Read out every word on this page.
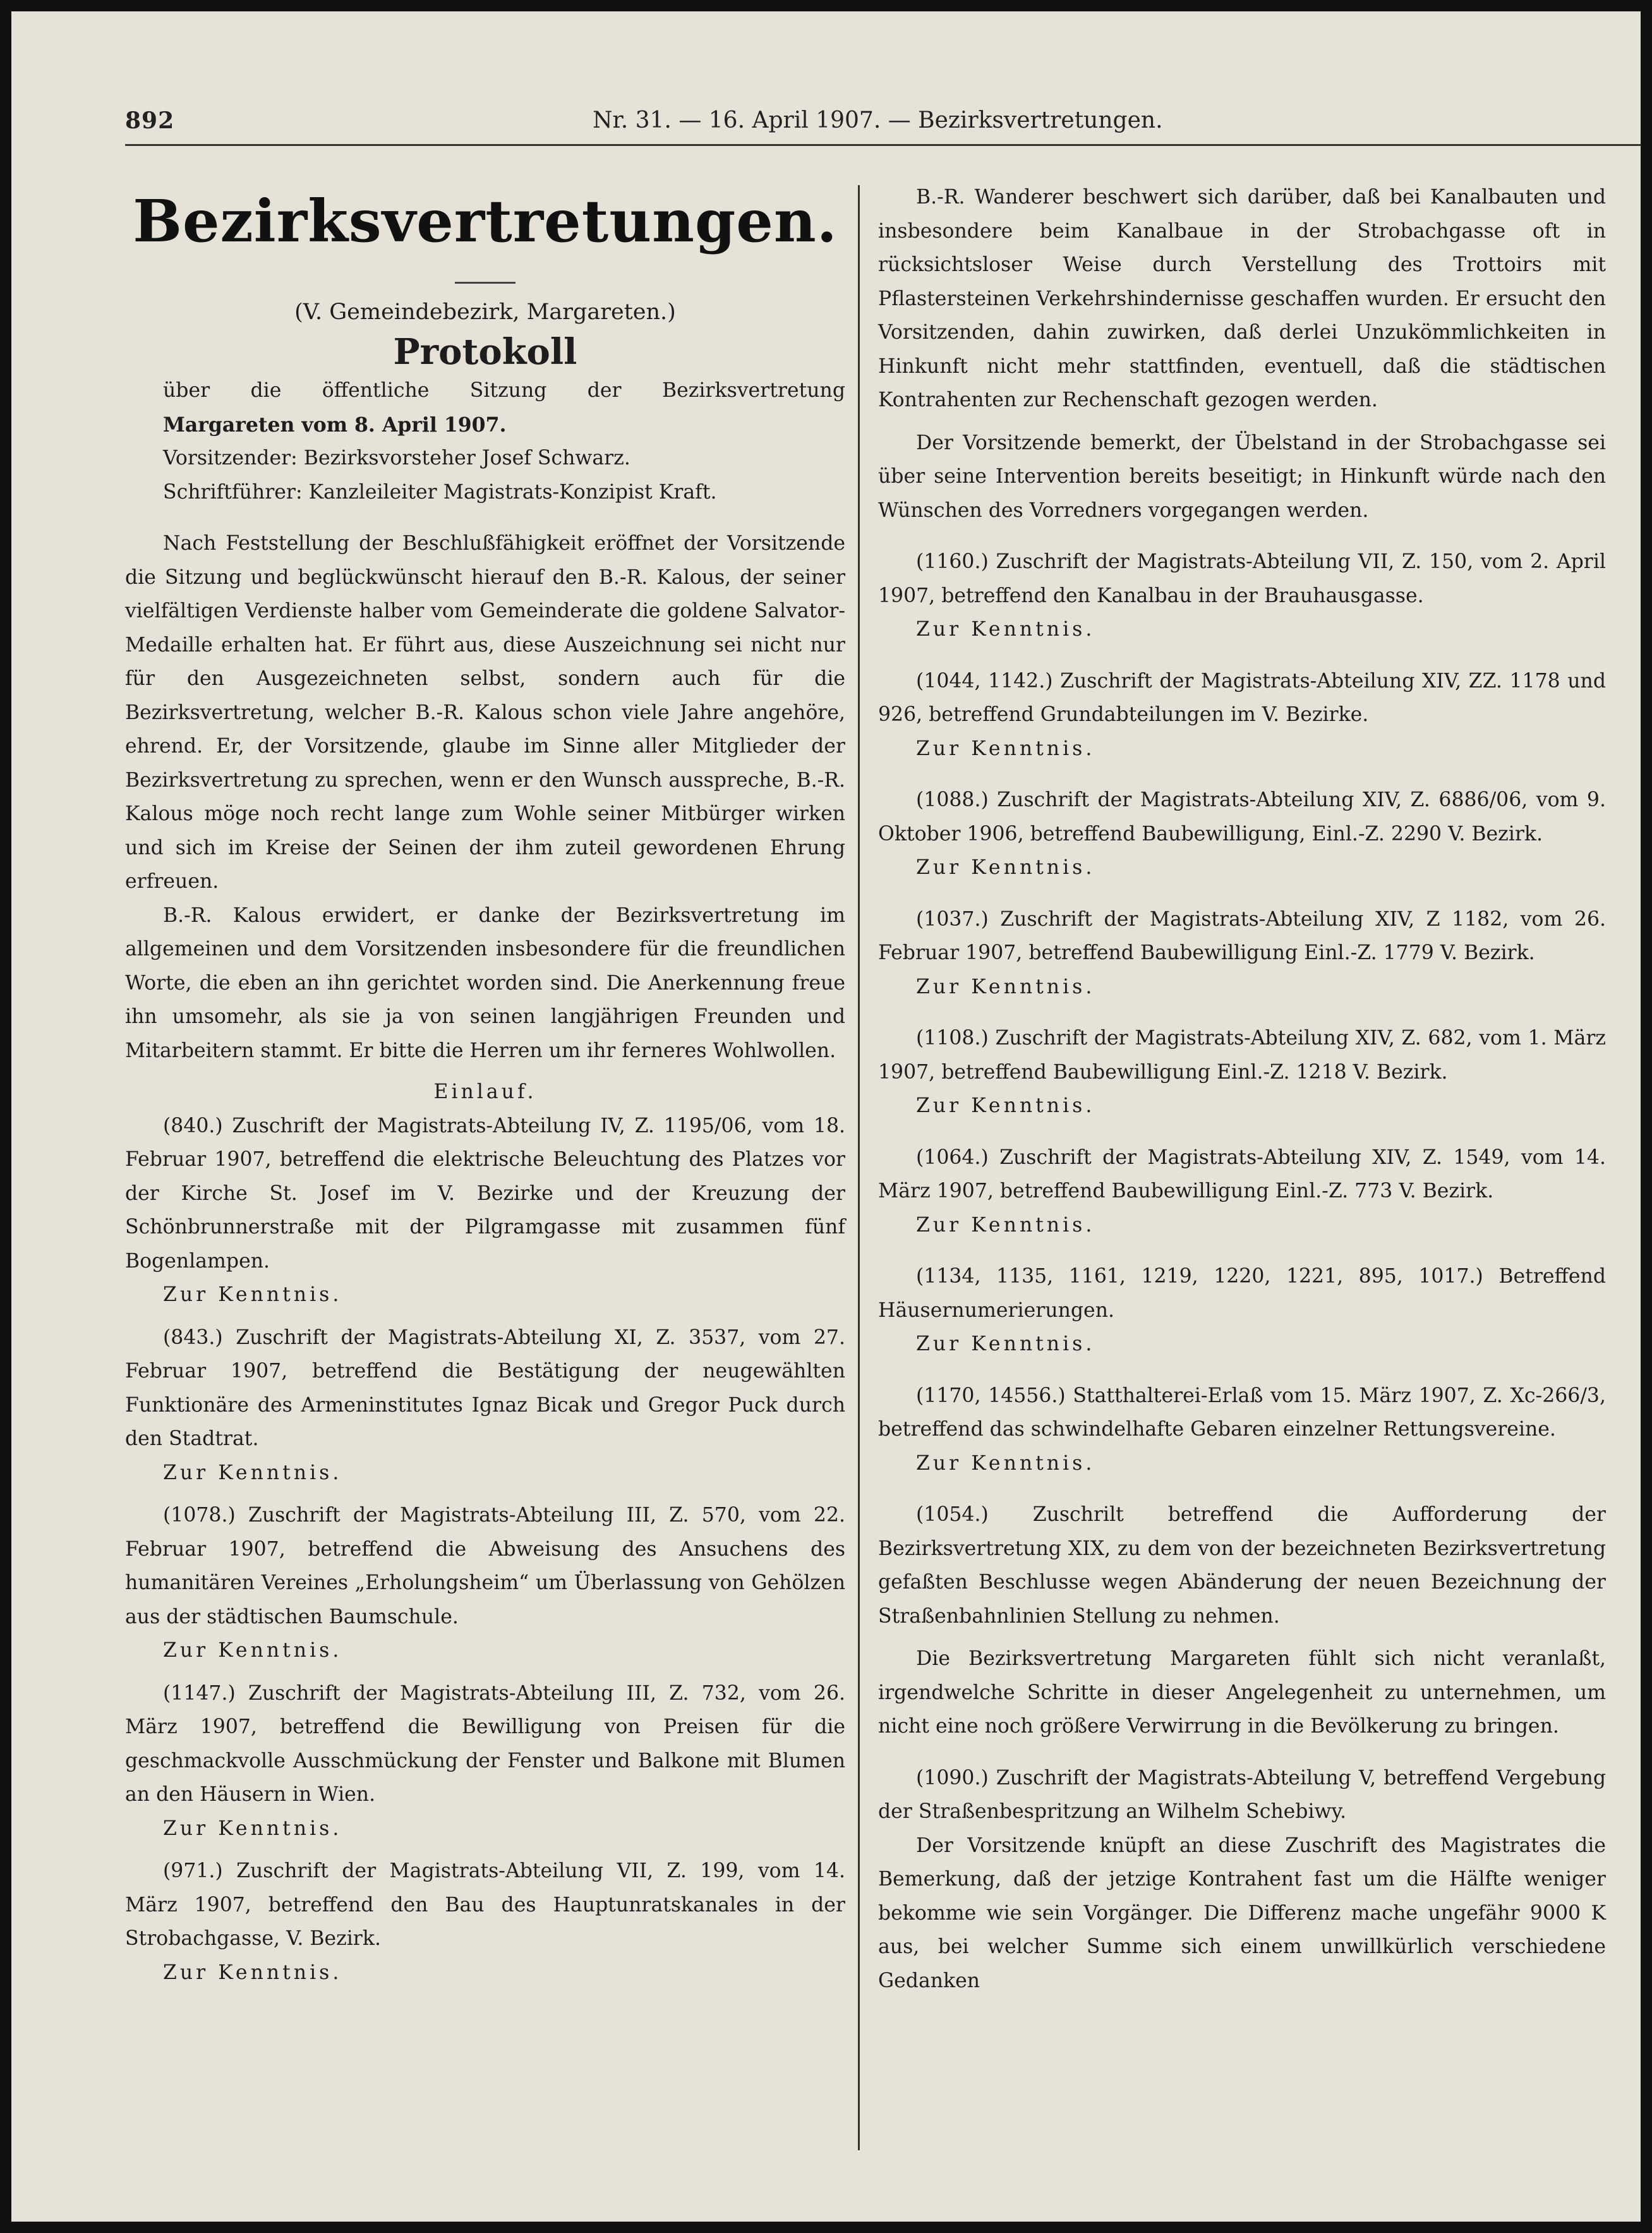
892	Nr. 31. — 16. April 1907. — Bezirksvertretungen.
Bezirksvertretungen.
(V. Gemeindebezirk, Margareten.)
Protokoll

über die öffentliche Sitzung der Bezirksvertretung

Margareten vom 8. April 1907.

Vorsitzender: Bezirksvorsteher Josef Schwarz.

Schriftführer: Kanzleileiter Magistrats-Konzipist Kraft.

Nach Feststellung der Beschlußfähigkeit eröffnet der Vorsitzende die Sitzung und beglückwünscht hierauf den B.-R. Kalous, der seiner vielfältigen Verdienste halber vom Gemeinderate die goldene Salvator-Medaille erhalten hat. Er führt aus, diese Auszeichnung sei nicht nur für den Ausgezeichneten selbst, sondern auch für die Bezirksvertretung, welcher B.-R. Kalous schon viele Jahre angehöre, ehrend. Er, der Vorsitzende, glaube im Sinne aller Mitglieder der Bezirksvertretung zu sprechen, wenn er den Wunsch ausspreche, B.-R. Kalous möge noch recht lange zum Wohle seiner Mitbürger wirken und sich im Kreise der Seinen der ihm zuteil gewordenen Ehrung erfreuen.

B.-R. Kalous erwidert, er danke der Bezirksvertretung im allgemeinen und dem Vorsitzenden insbesondere für die freundlichen Worte, die eben an ihn gerichtet worden sind. Die Anerkennung freue ihn umsomehr, als sie ja von seinen langjährigen Freunden und Mitarbeitern stammt. Er bitte die Herren um ihr ferneres Wohlwollen.

Einlauf.

(840.) Zuschrift der Magistrats-Abteilung IV, Z. 1195/06, vom 18. Februar 1907, betreffend die elektrische Beleuchtung des Platzes vor der Kirche St. Josef im V. Bezirke und der Kreuzung der Schönbrunnerstraße mit der Pilgramgasse mit zusammen fünf Bogenlampen.

Zur Kenntnis.

(843.) Zuschrift der Magistrats-Abteilung XI, Z. 3537, vom 27. Februar 1907, betreffend die Bestätigung der neugewählten Funktionäre des Armeninstitutes Ignaz Bicak und Gregor Puck durch den Stadtrat.

Zur Kenntnis.

(1078.) Zuschrift der Magistrats-Abteilung III, Z. 570, vom 22. Februar 1907, betreffend die Abweisung des Ansuchens des humanitären Vereines „Erholungsheim“ um Überlassung von Gehölzen aus der städtischen Baumschule.

Zur Kenntnis.

(1147.) Zuschrift der Magistrats-Abteilung III, Z. 732, vom 26. März 1907, betreffend die Bewilligung von Preisen für die geschmackvolle Ausschmückung der Fenster und Balkone mit Blumen an den Häusern in Wien.

Zur Kenntnis.

(971.) Zuschrift der Magistrats-Abteilung VII, Z. 199, vom 14. März 1907, betreffend den Bau des Hauptunratskanales in der Strobachgasse, V. Bezirk.

Zur Kenntnis.

B.-R. Wanderer beschwert sich darüber, daß bei Kanalbauten und insbesondere beim Kanalbaue in der Strobachgasse oft in rücksichtsloser Weise durch Verstellung des Trottoirs mit Pflastersteinen Verkehrshindernisse geschaffen wurden. Er ersucht den Vorsitzenden, dahin zuwirken, daß derlei Unzukömmlichkeiten in Hinkunft nicht mehr stattfinden, eventuell, daß die städtischen Kontrahenten zur Rechenschaft gezogen werden.

Der Vorsitzende bemerkt, der Übelstand in der Strobachgasse sei über seine Intervention bereits beseitigt; in Hinkunft würde nach den Wünschen des Vorredners vorgegangen werden.

(1160.) Zuschrift der Magistrats-Abteilung VII, Z. 150, vom 2. April 1907, betreffend den Kanalbau in der Brauhausgasse.

Zur Kenntnis.

(1044, 1142.) Zuschrift der Magistrats-Abteilung XIV, ZZ. 1178 und 926, betreffend Grundabteilungen im V. Bezirke.

Zur Kenntnis.

(1088.) Zuschrift der Magistrats-Abteilung XIV, Z. 6886/06, vom 9. Oktober 1906, betreffend Baubewilligung, Einl.-Z. 2290 V. Bezirk.

Zur Kenntnis.

(1037.) Zuschrift der Magistrats-Abteilung XIV, Z 1182, vom 26. Februar 1907, betreffend Baubewilligung Einl.-Z. 1779 V. Bezirk.

Zur Kenntnis.

(1108.) Zuschrift der Magistrats-Abteilung XIV, Z. 682, vom 1. März 1907, betreffend Baubewilligung Einl.-Z. 1218 V. Bezirk.

Zur Kenntnis.

(1064.) Zuschrift der Magistrats-Abteilung XIV, Z. 1549, vom 14. März 1907, betreffend Baubewilligung Einl.-Z. 773 V. Bezirk.

Zur Kenntnis.

(1134, 1135, 1161, 1219, 1220, 1221, 895, 1017.) Betreffend Häusernumerierungen.

Zur Kenntnis.

(1170, 14556.) Statthalterei-Erlaß vom 15. März 1907, Z. Xc-266/3, betreffend das schwindelhafte Gebaren einzelner Rettungsvereine.

Zur Kenntnis.

(1054.) Zuschrilt betreffend die Aufforderung der Bezirksvertretung XIX, zu dem von der bezeichneten Bezirksvertretung gefaßten Beschlusse wegen Abänderung der neuen Bezeichnung der Straßenbahnlinien Stellung zu nehmen.

Die Bezirksvertretung Margareten fühlt sich nicht veranlaßt, irgendwelche Schritte in dieser Angelegenheit zu unternehmen, um nicht eine noch größere Verwirrung in die Bevölkerung zu bringen.

(1090.) Zuschrift der Magistrats-Abteilung V, betreffend Vergebung der Straßenbespritzung an Wilhelm Schebiwy.

Der Vorsitzende knüpft an diese Zuschrift des Magistrates die Bemerkung, daß der jetzige Kontrahent fast um die Hälfte weniger bekomme wie sein Vorgänger. Die Differenz mache ungefähr 9000 K aus, bei welcher Summe sich einem unwillkürlich verschiedene Gedanken
